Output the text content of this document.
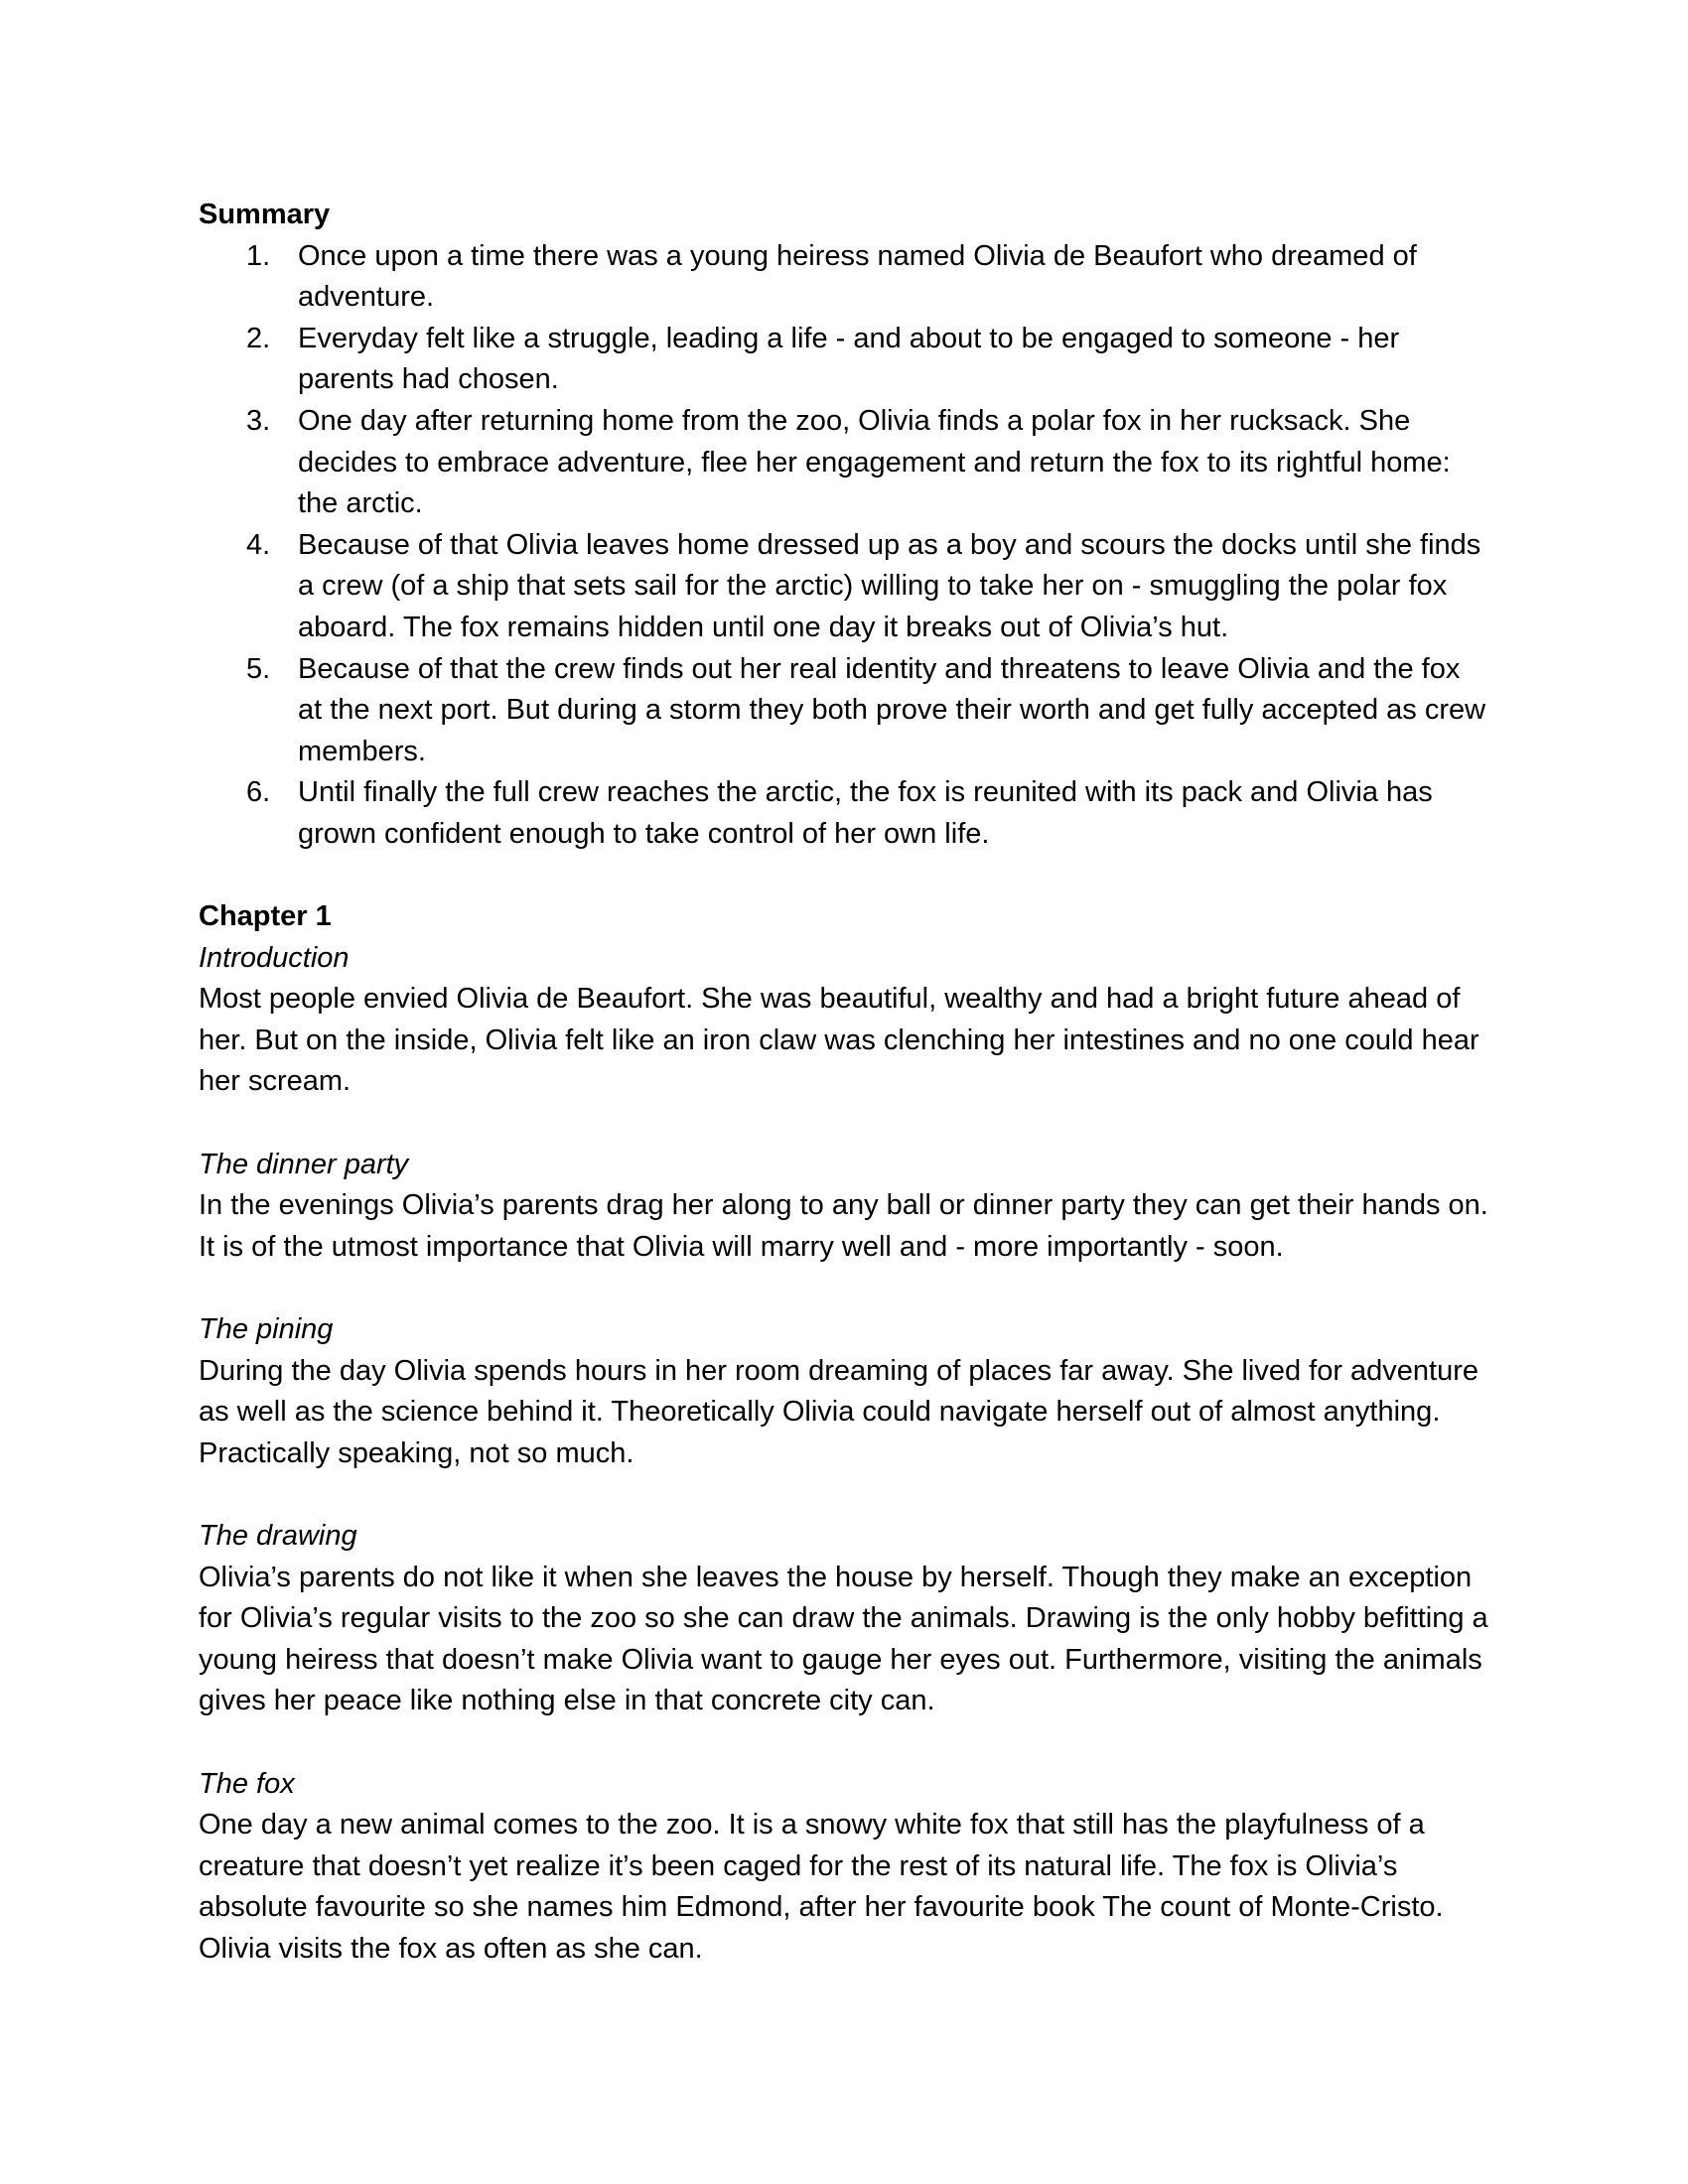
Summary

1. Once upon a time there was a young heiress named Olivia de Beaufort who dreamed of adventure.
2. Everyday felt like a struggle, leading a life - and about to be engaged to someone - her parents had chosen.
3. One day after returning home from the zoo, Olivia finds a polar fox in her rucksack. She decides to embrace adventure, flee her engagement and return the fox to its rightful home: the arctic.
4. Because of that Olivia leaves home dressed up as a boy and scours the docks until she finds a crew (of a ship that sets sail for the arctic) willing to take her on - smuggling the polar fox aboard. The fox remains hidden until one day it breaks out of Olivia’s hut.
5. Because of that the crew finds out her real identity and threatens to leave Olivia and the fox at the next port. But during a storm they both prove their worth and get fully accepted as crew members.
6. Until finally the full crew reaches the arctic, the fox is reunited with its pack and Olivia has grown confident enough to take control of her own life.

Chapter 1

Introduction

Most people envied Olivia de Beaufort. She was beautiful, wealthy and had a bright future ahead of her. But on the inside, Olivia felt like an iron claw was clenching her intestines and no one could hear her scream.

The dinner party

In the evenings Olivia’s parents drag her along to any ball or dinner party they can get their hands on. It is of the utmost importance that Olivia will marry well and - more importantly - soon.

The pining

During the day Olivia spends hours in her room dreaming of places far away. She lived for adventure as well as the science behind it. Theoretically Olivia could navigate herself out of almost anything. Practically speaking, not so much.

The drawing

Olivia’s parents do not like it when she leaves the house by herself. Though they make an exception for Olivia’s regular visits to the zoo so she can draw the animals. Drawing is the only hobby befitting a young heiress that doesn’t make Olivia want to gauge her eyes out. Furthermore, visiting the animals gives her peace like nothing else in that concrete city can.

The fox

One day a new animal comes to the zoo. It is a snowy white fox that still has the playfulness of a creature that doesn’t yet realize it’s been caged for the rest of its natural life. The fox is Olivia’s absolute favourite so she names him Edmond, after her favourite book The count of Monte-Cristo. Olivia visits the fox as often as she can.
